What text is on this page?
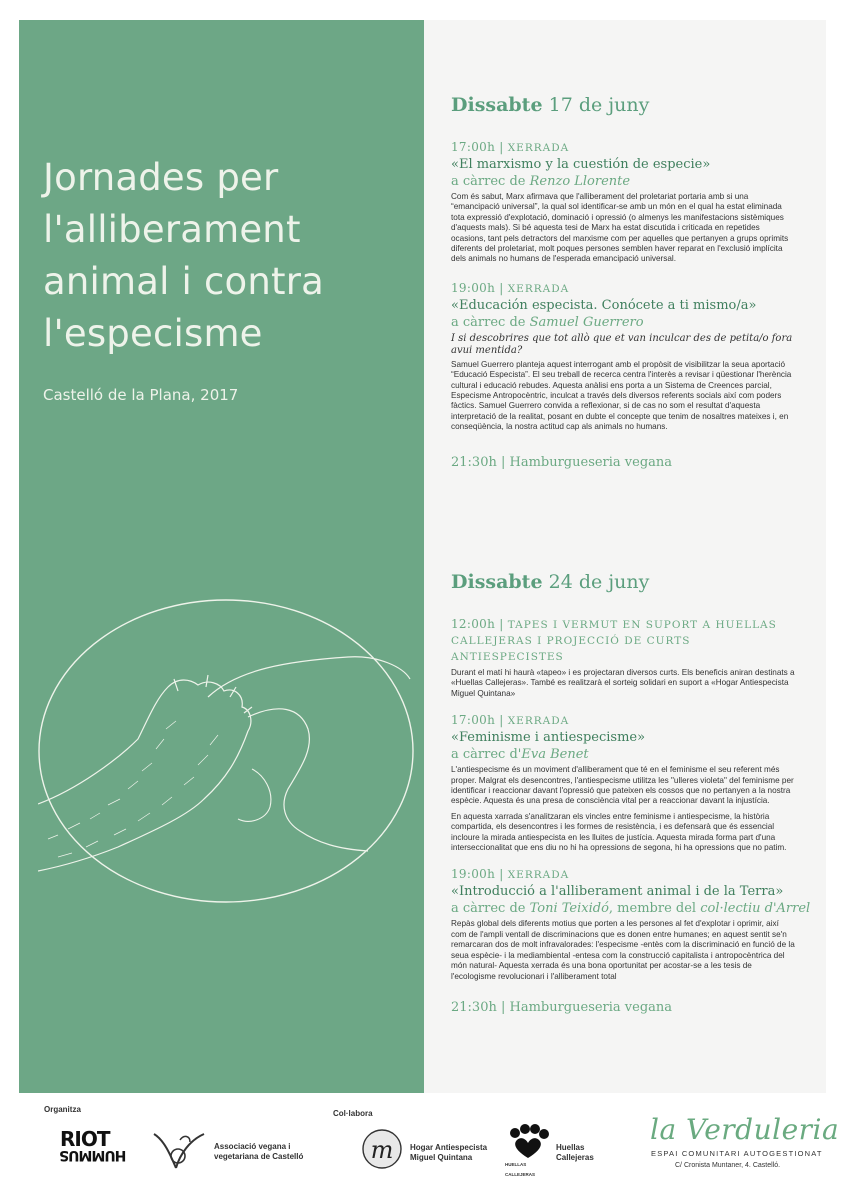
Jornades per
l'alliberament
animal i contra
l'especisme

Castelló de la Plana, 2017

Dissabte 17 de juny

17:00h | XERRADA

«El marxismo y la cuestión de especie»

a càrrec de Renzo Llorente

Com és sabut, Marx afirmava que l'alliberament del proletariat portaria amb si una “emancipació universal”, la qual sol identificar-se amb un món en el qual ha estat eliminada tota expressió d'explotació, dominació i opressió (o almenys les manifestacions sistèmiques d'aquests mals). Si bé aquesta tesi de Marx ha estat discutida i criticada en repetides ocasions, tant pels detractors del marxisme com per aquelles que pertanyen a grups oprimits diferents del proletariat, molt poques persones semblen haver reparat en l'exclusió implícita dels animals no humans de l'esperada emancipació universal.

19:00h | XERRADA

«Educación especista. Conócete a ti mismo/a»

a càrrec de Samuel Guerrero

I si descobrires que tot allò que et van inculcar des de petita/o fora avui mentida?

Samuel Guerrero planteja aquest interrogant amb el propòsit de visibilitzar la seua aportació “Educació Especista”. El seu treball de recerca centra l'interès a revisar i qüestionar l'herència cultural i educació rebudes. Aquesta anàlisi ens porta a un Sistema de Creences parcial, Especisme Antropocèntric, inculcat a través dels diversos referents socials així com poders fàctics. Samuel Guerrero convida a reflexionar, si de cas no som el resultat d'aquesta interpretació de la realitat, posant en dubte el concepte que tenim de nosaltres mateixes i, en conseqüència, la nostra actitud cap als animals no humans.

21:30h | Hamburgueseria vegana

Dissabte 24 de juny

12:00h | TAPES I VERMUT EN SUPORT A HUELLAS CALLEJERAS I PROJECCIÓ DE CURTS ANTIESPECISTES

Durant el matí hi haurà «tapeo» i es projectaran diversos curts. Els beneficis aniran destinats a «Huellas Callejeras». També es realitzarà el sorteig solidari en suport a «Hogar Antiespecista Miguel Quintana»

17:00h | XERRADA

«Feminisme i antiespecisme»

a càrrec d'Eva Benet

L'antiespecisme és un moviment d'alliberament que té en el feminisme el seu referent més proper. Malgrat els desencontres, l'antiespecisme utilitza les "ulleres violeta" del feminisme per identificar i reaccionar davant l'opressió que pateixen els cossos que no pertanyen a la nostra espècie. Aquesta és una presa de consciència vital per a reaccionar davant la injustícia.

En aquesta xarrada s'analitzaran els vincles entre feminisme i antiespecisme, la història compartida, els desencontres i les formes de resistència, i es defensarà que és essencial incloure la mirada antiespecista en les lluites de justícia. Aquesta mirada forma part d'una interseccionalitat que ens diu no hi ha opressions de segona, hi ha opressions que no patim.

19:00h | XERRADA

«Introducció a l'alliberament animal i de la Terra»

a càrrec de Toni Teixidó, membre del col·lectiu d'Arrel

Repàs global dels diferents motius que porten a les persones al fet d'explotar i oprimir, així com de l'ampli ventall de discriminacions que es donen entre humanes; en aquest sentit se'n remarcaran dos de molt infravalorades: l'especisme -entès com la discriminació en funció de la seua espècie- i la mediambiental -entesa com la construcció capitalista i antropocèntrica del món natural- Aquesta xerrada és una bona oportunitat per acostar-se a les tesis de l'ecologisme revolucionari i l'alliberament total

21:30h | Hamburgueseria vegana

Organitza	Col·labora
RIOT
HUMMUS
Associació vegana i vegetariana de Castelló	m Hogar Antiespecista Miguel Quintana
HUELLAS CALLEJERAS
Huellas Callejeras
la Verduleria
ESPAI COMUNITARI AUTOGESTIONAT
C/ Cronista Muntaner, 4. Castelló.
